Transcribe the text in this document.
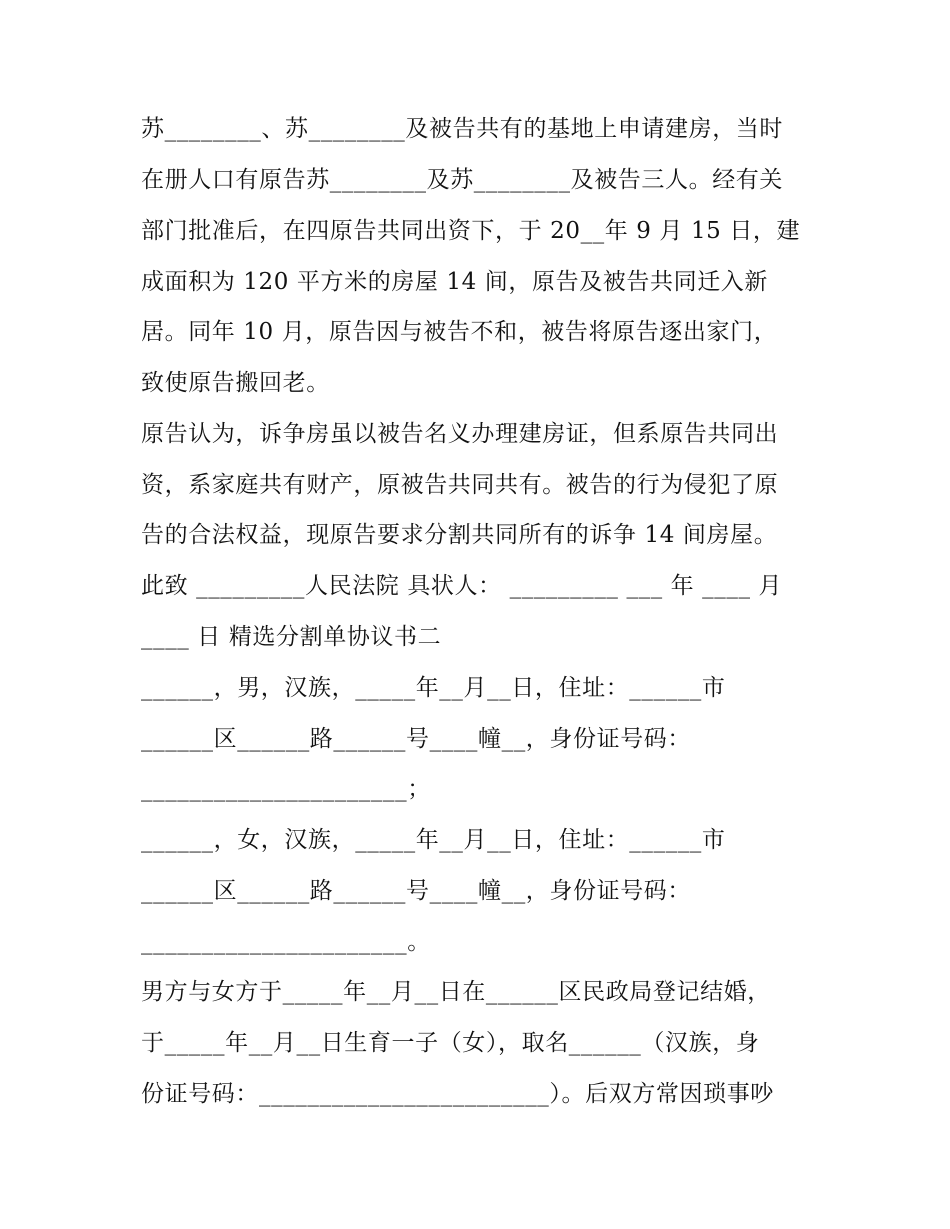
苏________、苏________及被告共有的基地上申请建房，当时
在册人口有原告苏________及苏________及被告三人。经有关
部门批准后，在四原告共同出资下，于 20__年 9 月 15 日，建
成面积为 120 平方米的房屋 14 间，原告及被告共同迁入新
居。同年 10 月，原告因与被告不和，被告将原告逐出家门，
致使原告搬回老。
原告认为，诉争房虽以被告名义办理建房证，但系原告共同出
资，系家庭共有财产，原被告共同共有。被告的行为侵犯了原
告的合法权益，现原告要求分割共同所有的诉争 14 间房屋。
此致 _________人民法院 具状人： _________ ___ 年 ____ 月
____ 日 精选分割单协议书二
______，男，汉族，_____年__月__日，住址：______市
______区______路______号____幢__，身份证号码：
______________________；
______，女，汉族，_____年__月__日，住址：______市
______区______路______号____幢__，身份证号码：
______________________。
男方与女方于_____年__月__日在______区民政局登记结婚，
于_____年__月__日生育一子（女），取名______（汉族，身
份证号码：________________________）。后双方常因琐事吵
